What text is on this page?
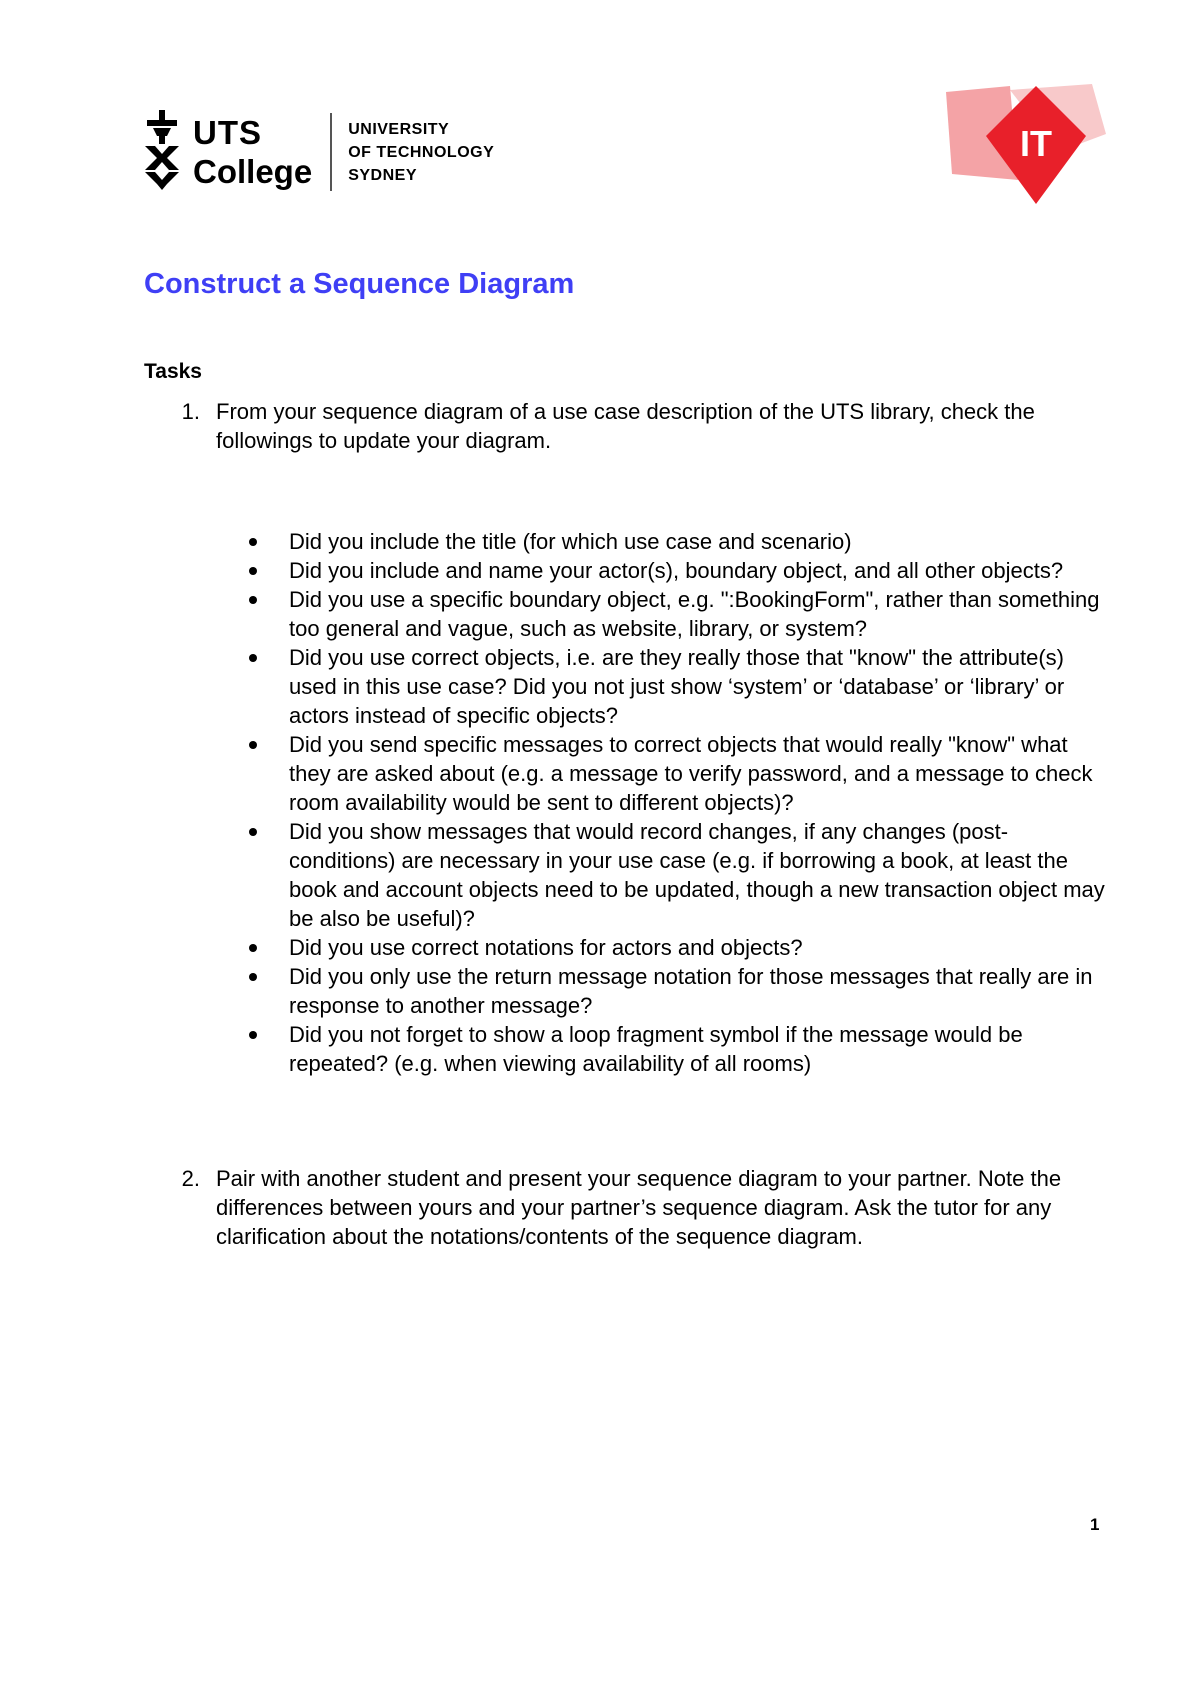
UTS
College
UNIVERSITY
OF TECHNOLOGY
SYDNEY
IT
Construct a Sequence Diagram
Tasks
1. From your sequence diagram of a use case description of the UTS library, check the followings to update your diagram.
Did you include the title (for which use case and scenario)
Did you include and name your actor(s), boundary object, and all other objects?
Did you use a specific boundary object, e.g. ":BookingForm", rather than something too general and vague, such as website, library, or system?
Did you use correct objects, i.e. are they really those that "know" the attribute(s) used in this use case? Did you not just show ‘system’ or ‘database’ or ‘library’ or actors instead of specific objects?
Did you send specific messages to correct objects that would really "know" what they are asked about (e.g. a message to verify password, and a message to check room availability would be sent to different objects)?
Did you show messages that would record changes, if any changes (post-conditions) are necessary in your use case (e.g. if borrowing a book, at least the book and account objects need to be updated, though a new transaction object may be also be useful)?
Did you use correct notations for actors and objects?
Did you only use the return message notation for those messages that really are in response to another message?
Did you not forget to show a loop fragment symbol if the message would be repeated? (e.g. when viewing availability of all rooms)
2. Pair with another student and present your sequence diagram to your partner. Note the differences between yours and your partner’s sequence diagram. Ask the tutor for any clarification about the notations/contents of the sequence diagram.
1
